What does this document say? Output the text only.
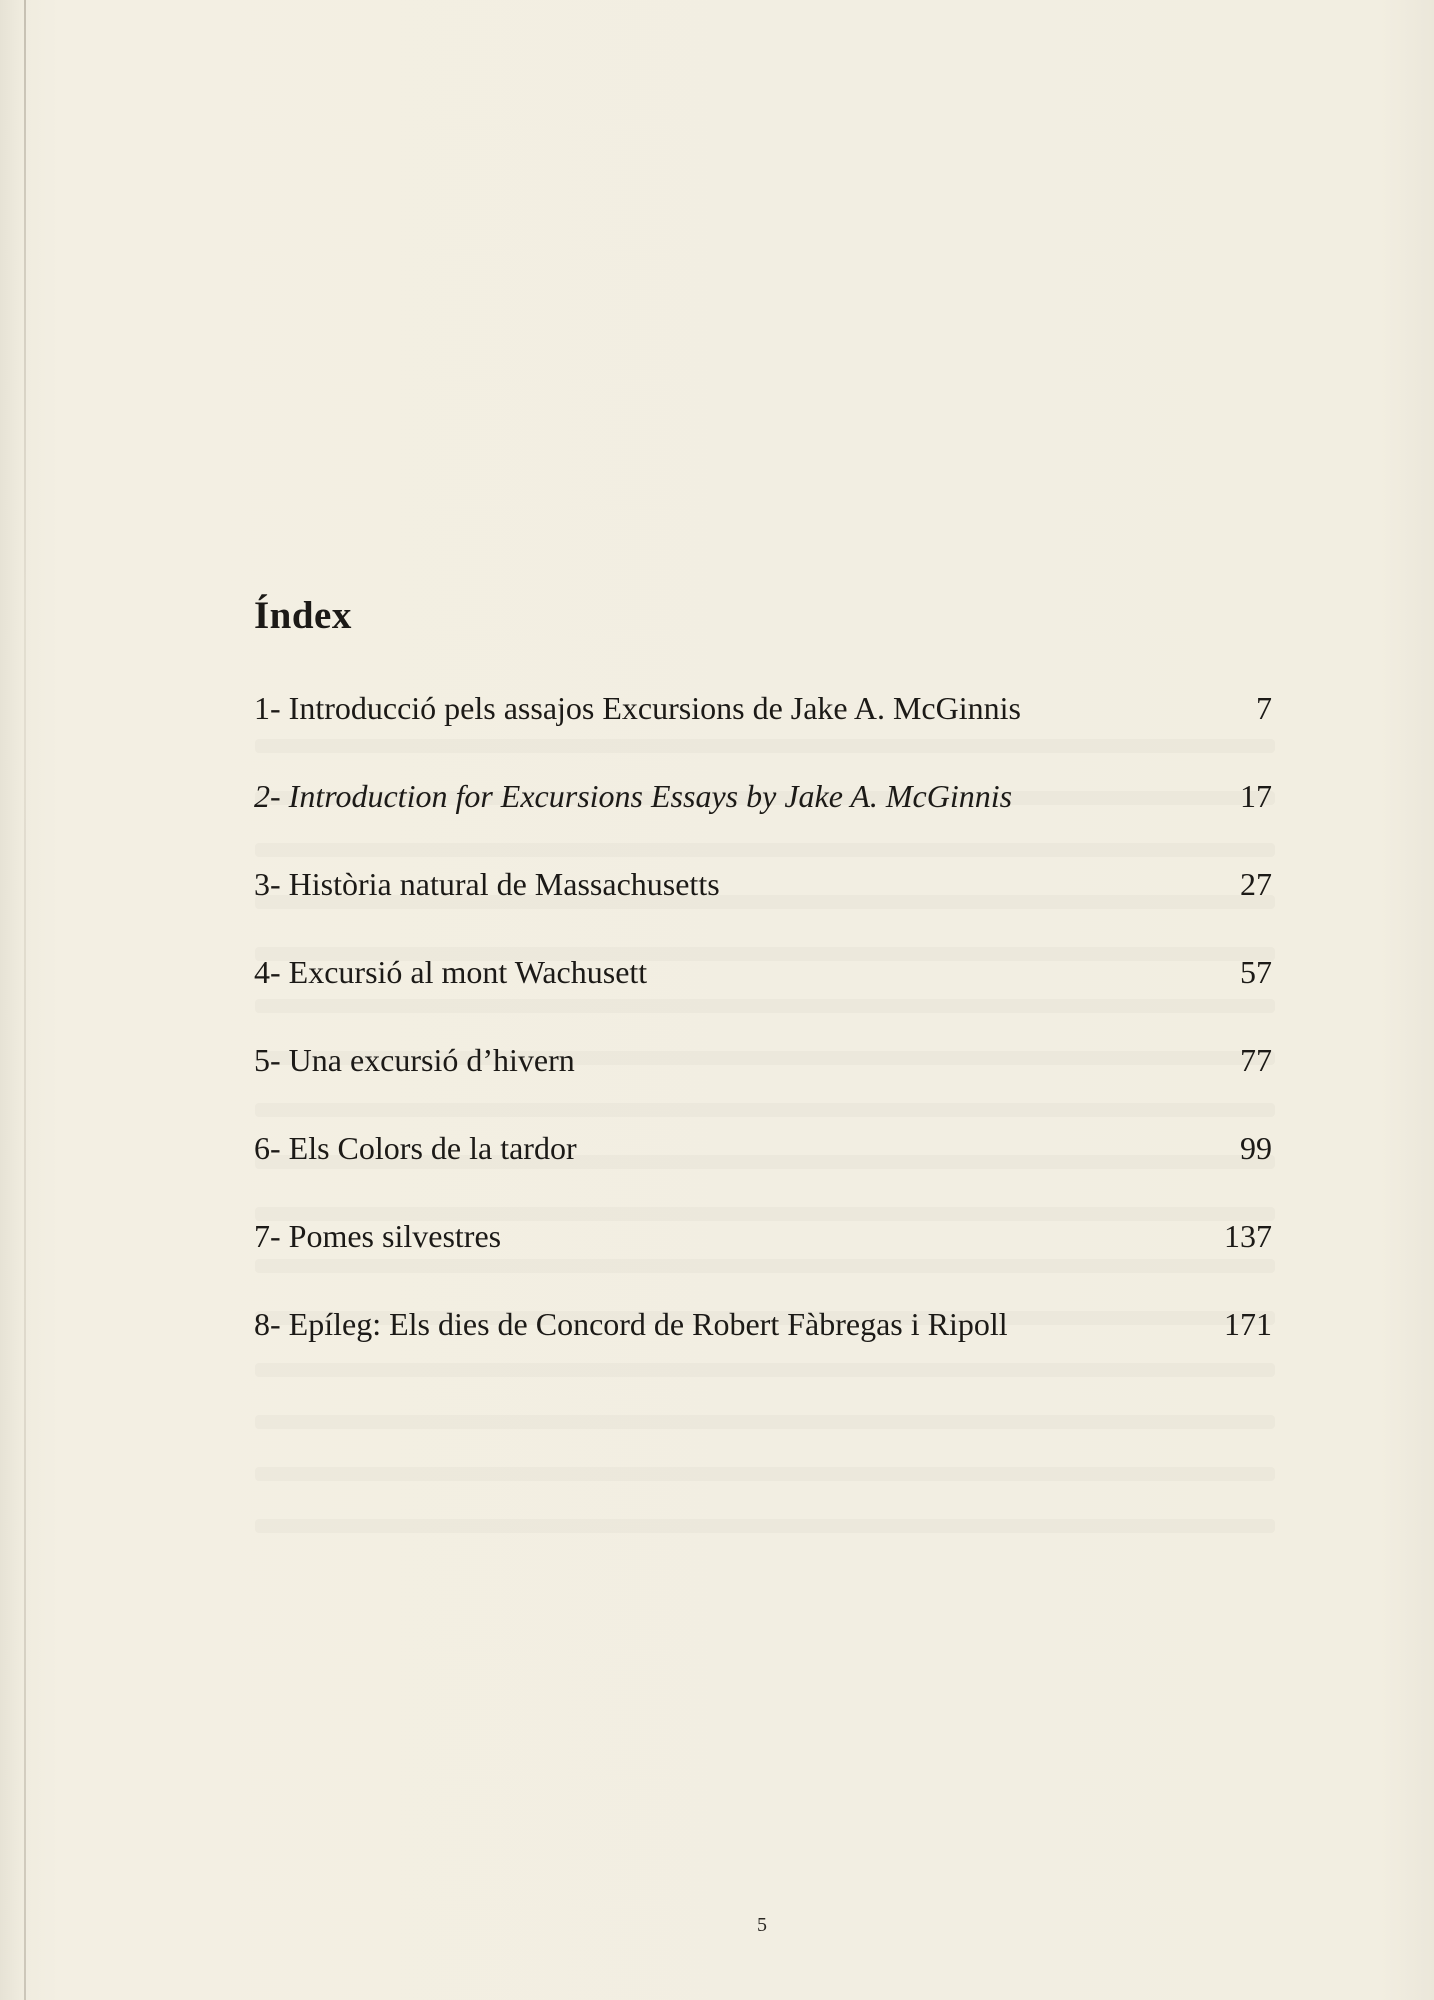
Índex
1- Introducció pels assajos Excursions de Jake A. McGinnis	7
2- Introduction for Excursions Essays by Jake A. McGinnis	17
3- Història natural de Massachusetts	27
4- Excursió al mont Wachusett	57
5- Una excursió d’hivern	77
6- Els Colors de la tardor	99
7- Pomes silvestres	137
8- Epíleg: Els dies de Concord de Robert Fàbregas i Ripoll	171
5
